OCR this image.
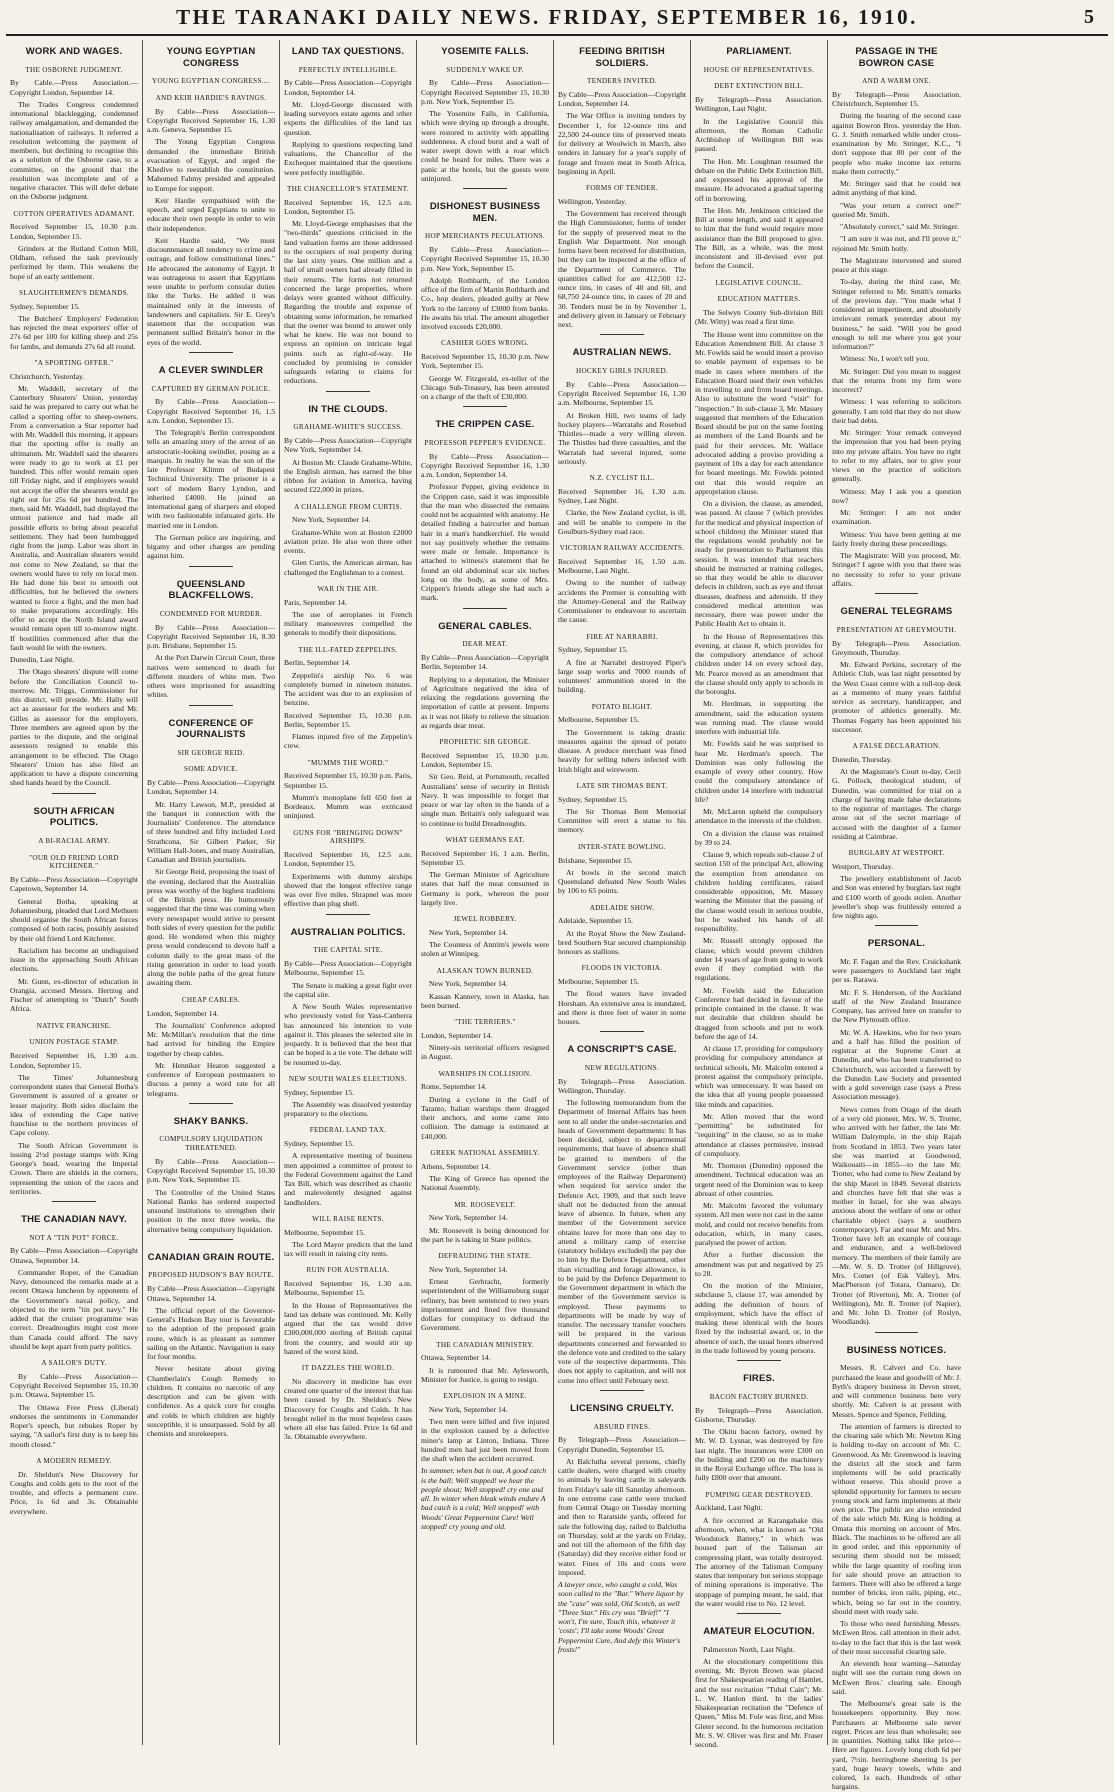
THE TARANAKI DAILY NEWS. FRIDAY, SEPTEMBER 16, 1910.	5
WORK AND WAGES.
THE OSBORNE JUDGMENT.

By Cable.—Press Association.—Copyright London, September 14.

The Trades Congress condemned international blacklegging, condemned railway amalgamation, and demanded the nationalisation of railways. It referred a resolution welcoming the payment of members, but declining to recognise this as a solution of the Osborne case, to a committee, on the ground that the resolution was incomplete and of a negative character. This will defer debate on the Osborne judgment.

COTTON OPERATIVES ADAMANT.

Received September 15, 10.30 p.m. London, September 15.

Grinders at the Rutland Cotton Mill, Oldham, refused the task previously performed by them. This weakens the hope of an early settlement.

SLAUGHTERMEN'S DEMANDS.

Sydney, September 15.

The Butchers' Employers' Federation has rejected the meat exporters' offer of 27s 6d per 100 for killing sheep and 25s for lambs, and demands 27s 6d all round.

"A SPORTING OFFER."

Christchurch, Yesterday.

Mr. Waddell, secretary of the Canterbury Shearers' Union, yesterday said he was prepared to carry out what he called a sporting offer to sheep-owners. From a conversation a Star reporter had with Mr. Waddell this morning, it appears that the sporting offer is really an ultimatum. Mr. Waddell said the shearers were ready to go to work at £1 per hundred. This offer would remain open till Friday night, and if employers would not accept the offer the shearers would go right out for 25s 6d per hundred. The men, said Mr. Waddell, had displayed the utmost patience and had made all possible efforts to bring about peaceful settlement. They had been humbugged right from the jump. Labor was short in Australia, and Australian shearers would not come to New Zealand, so that the owners would have to rely on local men. He had done his best to smooth out difficulties, but he believed the owners wanted to force a fight, and the men had to make preparations accordingly. His offer to accept the North Island award would remain open till to-morrow night. If hostilities commenced after that the fault would lie with the owners.

Dunedin, Last Night.

The Otago shearers' dispute will come before the Conciliation Council to-morrow. Mr. Triggs, Commissioner for this district, will preside. Mr. Hally will act as assessor for the workers and Mr. Gilles as assessor for the employers. Three members are agreed upon by the parties to the dispute, and the original assessors resigned to enable this arrangement to be effected. The Otago Shearers' Union has also filed an application to have a dispute concerning shed hands heard by the Council.

SOUTH AFRICAN POLITICS.
A BI-RACIAL ARMY.
"OUR OLD FRIEND LORD KITCHENER."

By Cable—Press Association—Copyright Capetown, September 14.

General Botha, speaking at Johannesburg, pleaded that Lord Methuen should organise the South African forces composed of both races, possibly assisted by their old friend Lord Kitchener.

Racialism has become an undisguised issue in the approaching South African elections.

Mr. Gunn, ex-director of education in Orangia, accused Messrs. Hertzog and Fischer of attempting to "Dutch" South Africa.

NATIVE FRANCHISE.
UNION POSTAGE STAMP.

Received September 16, 1.30 a.m. London, September 15.

The Times' Johannesburg correspondent states that General Botha's Government is assured of a greater or lesser majority. Both sides disclaim the idea of extending the Cape native franchise to the northern provinces of Cape colony.

The South African Government is issuing 2½d postage stamps with King George's head, wearing the Imperial Crown. There are shields in the corners, representing the union of the races and territories.

THE CANADIAN NAVY.
NOT A "TIN POT" FORCE.

By Cable—Press Association—Copyright Ottawa, September 14.

Commander Roper, of the Canadian Navy, denounced the remarks made at a recent Ottawa luncheon by opponents of the Government's naval policy, and objected to the term "tin pot navy." He added that the cruiser programme was correct. Dreadnoughts might cost more than Canada could afford. The navy should be kept apart from party politics.

A SAILOR'S DUTY.

By Cable—Press Association—Copyright Received September 15, 10.30 p.m. Ottawa, September 15.

The Ottawa Free Press (Liberal) endorses the sentiments in Commander Roper's speech, but rebukes Roper by saying, "A sailor's first duty is to keep his mouth closed."

A MODERN REMEDY.

Dr. Sheldon's New Discovery for Coughs and colds gets to the root of the trouble, and effects a permanent cure. Price, 1s 6d and 3s. Obtainable everywhere.

YOUNG EGYPTIAN CONGRESS
YOUNG EGYPTIAN CONGRESS....
AND KEIR HARDIE'S RAVINGS.

By Cable—Press Association—Copyright Received September 16, 1.30 a.m. Geneva, September 15.

The Young Egyptian Congress demanded the immediate British evacuation of Egypt, and urged the Khedive to reestablish the constitution. Mahomed Fahmy presided and appealed to Europe for support.

Keir Hardie sympathised with the speech, and urged Egyptians to unite to educate their own people in order to win their independence.

Keir Hardie said, "We must discountenance all tendency to crime and outrage, and follow constitutional lines." He advocated the autonomy of Egypt. It was outrageous to assert that Egyptians were unable to perform consular duties like the Turks. He added it was maintained only in the interests of landowners and capitalists. Sir E. Grey's statement that the occupation was permanent sullied Britain's honor in the eyes of the world.

A CLEVER SWINDLER
CAPTURED BY GERMAN POLICE.

By Cable—Press Association—Copyright Received September 16, 1.5 a.m. London, September 15.

The Telegraph's Berlin correspondent tells an amazing story of the arrest of an aristocratic-looking swindler, posing as a marquis. In reality he was the son of the late Professor Klimm of Budapest Technical University. The prisoner is a sort of modern Barry Lyndon, and inherited £4000. He joined an international gang of sharpers and eloped with two fashionable infatuated girls. He married one in London.

The German police are inquiring, and bigamy and other charges are pending against him.

QUEENSLAND BLACKFELLOWS.
CONDEMNED FOR MURDER.

By Cable—Press Association—Copyright Received September 16, 8.30 p.m. Brisbane, September 15.

At the Port Darwin Circuit Court, three natives were sentenced to death for different murders of white men. Two others were imprisoned for assaulting whites.

CONFERENCE OF JOURNALISTS
SIR GEORGE REID.
SOME ADVICE.

By Cable—Press Association—Copyright London, September 14.

Mr. Harry Lawson, M.P., presided at the banquet in connection with the Journalists' Conference. The attendance of three hundred and fifty included Lord Strathcona, Sir Gilbert Parker, Sir William Hall-Jones, and many Australian, Canadian and British journalists.

Sir George Reid, proposing the toast of the evening, declared that the Australian press was worthy of the highest traditions of the British press. He humorously suggested that the time was coming when every newspaper would strive to present both sides of every question for the public good. He wondered when this mighty press would condescend to devote half a column daily to the great mass of the rising generation in order to lead youth along the noble paths of the great future awaiting them.

CHEAP CABLES.

London, September 14.

The Journalists' Conference adopted Mr. McMillan's resolution that the time had arrived for binding the Empire together by cheap cables.

Mr. Henniker Heaton suggested a conference of European postmasters to discuss a penny a word rate for all telegrams.

SHAKY BANKS.
COMPULSORY LIQUIDATION THREATENED.

By Cable—Press Association—Copyright Received September 15, 10.30 p.m. New York, September 15.

The Controller of the United States National Banks has ordered suspected unsound institutions to strengthen their position in the next three weeks, the alternative being compulsory liquidation.

CANADIAN GRAIN ROUTE.
PROPOSED HUDSON'S BAY ROUTE.

By Cable—Press Association—Copyright Ottawa, September 14.

The official report of the Governor-General's Hudson Bay tour is favourable to the adoption of the proposed grain route, which is as pleasant as summer sailing on the Atlantic. Navigation is easy for four months.

Never hesitate about giving Chamberlain's Cough Remedy to children. It contains no narcotic of any description and can be given with confidence. As a quick cure for coughs and colds to which children are highly susceptible, it is unsurpassed. Sold by all chemists and storekeepers.

LAND TAX QUESTIONS.
PERFECTLY INTELLIGIBLE.

By Cable—Press Association—Copyright London, September 14.

Mr. Lloyd-George discussed with leading surveyors estate agents and other experts the difficulties of the land tax question.

Replying to questions respecting land valuations, the Chancellor of the Exchequer maintained that the questions were perfectly intelligible.

THE CHANCELLOR'S STATEMENT.

Received September 16, 12.5 a.m. London, September 15.

Mr. Lloyd-George emphasises that the "two-thirds" questions criticised in the land valuation forms are those addressed to the occupiers of real property during the last sixty years. One million and a half of small owners had already filled in their returns. The forms not returned concerned the large properties, where delays were granted without difficulty. Regarding the trouble and expense of obtaining some information, he remarked that the owner was bound to answer only what he knew. He was not bound to express an opinion on intricate legal points such as right-of-way. He concluded by promising to consider safeguards relating to claims for reductions.

IN THE CLOUDS.
GRAHAME-WHITE'S SUCCESS.

By Cable—Press Association—Copyright New York, September 14.

At Boston Mr. Claude Grahame-White, the English airman, has earned the blue ribbon for aviation in America, having secured £22,000 in prizes.

A CHALLENGE FROM CURTIS.

New York, September 14.

Grahame-White won at Boston £2000 aviation prize. He also won three other events.

Glen Curtis, the American airman, has challenged the Englishman to a contest.

WAR IN THE AIR.

Paris, September 14.

The use of aeroplanes in French military manoeuvres compelled the generals to modify their dispositions.

THE ILL-FATED ZEPPELINS.

Berlin, September 14.

Zeppelin's airship No. 6 was completely burned in nineteen minutes. The accident was due to an explosion of benzine.

Received September 15, 10.30 p.m. Berlin, September 15.

Flames injured five of the Zeppelin's crew.

"MUMMS THE WORD."

Received September 15, 10.30 p.m. Paris, September 15.

Mumm's monoplane fell 650 feet at Bordeaux. Mumm was extricated uninjured.

GUNS FOR "BRINGING DOWN" AIRSHIPS.

Received September 16, 12.5 a.m. London, September 15.

Experiments with dummy airships showed that the longest effective range was over five miles. Shrapnel was more effective than plug shell.

AUSTRALIAN POLITICS.
THE CAPITAL SITE.

By Cable—Press Association—Copyright Melbourne, September 15.

The Senate is making a great fight over the capital site.

A New South Wales representative who previously voted for Yass-Canberra has announced his intention to vote against it. This pleases the selected site in jeopardy. It is believed that the best that can be hoped is a tie vote. The debate will be resumed to-day.

NEW SOUTH WALES ELECTIONS.

Sydney, September 15.

The Assembly was dissolved yesterday preparatory to the elections.

FEDERAL LAND TAX.

Sydney, September 15.

A representative meeting of business men appointed a committee of protest to the Federal Government against the Land Tax Bill, which was described as chaotic and malevolently designed against landholders.

WILL RAISE RENTS.

Melbourne, September 15.

The Lord Mayor predicts that the land tax will result in raising city rents.

RUIN FOR AUSTRALIA.

Received September 16, 1.30 a.m. Melbourne, September 15.

In the House of Representatives the land tax debate was continued. Mr. Kelly argued that the tax would drive £300,000,000 sterling of British capital from the country, and would stir up hatred of the worst kind.

IT DAZZLES THE WORLD.

No discovery in medicine has ever created one quarter of the interest that has been caused by Dr. Sheldon's New Discovery for Coughs and Colds. It has brought relief in the most hopeless cases where all else has failed. Price 1s 6d and 3s. Obtainable everywhere.

YOSEMITE FALLS.
SUDDENLY WAKE UP.

By Cable—Press Association—Copyright Received September 15, 10.30 p.m. New York, September 15.

The Yosemite Falls, in California, which were drying up through a drought, were restored to activity with appalling suddenness. A cloud burst and a wall of water swept down with a roar which could be heard for miles. There was a panic at the hotels, but the guests were uninjured.

DISHONEST BUSINESS MEN.
HOP MERCHANTS PECULATIONS.

By Cable—Press Association—Copyright Received September 15, 10.30 p.m. New York, September 15.

Adolph Rothbarth, of the London office of the firm of Martin Rothbarth and Co., hop dealers, pleaded guilty at New York to the larceny of £3000 from banks. He awaits his trial. The amount altogether involved exceeds £20,000.

CASHIER GOES WRONG.

Received September 15, 10.30 p.m. New York, September 15.

George W. Fitzgerald, ex-teller of the Chicago Sub-Treasury, has been arrested on a charge of the theft of £30,000.

THE CRIPPEN CASE.
PROFESSOR PEPPER'S EVIDENCE.

By Cable—Press Association—Copyright Received September 16, 1.30 a.m. London, September 14.

Professor Pepper, giving evidence in the Crippen case, said it was impossible that the man who dissected the remains could not be acquainted with anatomy. He detailed finding a haircurler and human hair in a man's handkerchief. He would not say positively whether the remains were male or female. Importance is attached to witness's statement that he found an old abdominal scar six inches long on the body, as some of Mrs. Crippen's friends allege she had such a mark.

GENERAL CABLES.
DEAR MEAT.

By Cable—Press Association—Copyright Berlin, September 14.

Replying to a deputation, the Minister of Agriculture negatived the idea of relaxing the regulations governing the importation of cattle at present. Imports as it was not likely to relieve the situation as regards dear meat.

PROPHETIC SIR GEORGE.

Received September 15, 10.30 p.m. London, September 15.

Sir Geo. Reid, at Portsmouth, recalled Australians' sense of security in British Navy. It was impossible to forget that peace or war lay often in the hands of a single man. Britain's only safeguard was to continue to build Dreadnoughts.

WHAT GERMANS EAT.

Received September 16, 1 a.m. Berlin, September 15.

The German Minister of Agriculture states that half the meat consumed in Germany is pork, whereon the poor largely live.

JEWEL ROBBERY.

New York, September 14.

The Countess of Antrim's jewels were stolen at Winnipeg.

ALASKAN TOWN BURNED.

New York, September 14.

Kassan Kannery, town in Alaska, has been burned.

"THE TERRIERS."

London, September 14.

Ninety-six territorial officers resigned in August.

WARSHIPS IN COLLISION.

Rome, September 14.

During a cyclone in the Gulf of Taranto, Italian warships there dragged their anchors, and some came into collision. The damage is estimated at £40,000.

GREEK NATIONAL ASSEMBLY.

Athens, September 14.

The King of Greece has opened the National Assembly.

MR. ROOSEVELT.

New York, September 14.

Mr. Roosevelt is being denounced for the part he is taking in State politics.

DEFRAUDING THE STATE.

New York, September 14.

Ernest Gerbracht, formerly superintendent of the Williamsburg sugar refinery, has been sentenced to two years imprisonment and fined five thousand dollars for conspiracy to defraud the Government.

THE CANADIAN MINISTRY.

Ottawa, September 14.

It is rumoured that Mr. Aylesworth, Minister for Justice, is going to resign.

EXPLOSION IN A MINE.

New York, September 14.

Two men were killed and five injured in the explosion caused by a defective miner's lamp at Linton, Indiana. Three hundred men had just been moved from the shaft when the accident occurred.

In summer, when bat is out, A good catch is the ball; Well stopped! we hear the people shout; Well stopped! cry one and all. In winter when bleak winds endure A bad catch is a cold; Well stopped! with Woods' Great Peppermint Cure! Well stopped! cry young and old.

FEEDING BRITISH SOLDIERS.
TENDERS INVITED.

By Cable—Press Association—Copyright London, September 14.

The War Office is inviting tenders by December 1, for 12-ounce tins and 22,500 24-ounce tins of preserved meats for delivery at Woolwich in March, also tenders in January for a year's supply of forage and frozen meat in South Africa, beginning in April.

FORMS OF TENDER.

Wellington, Yesterday.

The Government has received through the High Commissioner, forms of tender for the supply of preserved meat to the English War Department. Not enough forms have been received for distribution, but they can be inspected at the office of the Department of Commerce. The quantities called for are 412,500 12-ounce tins, in cases of 40 and 60, and 68,750 24-ounce tins, in cases of 20 and 30. Tenders must be in by November 1, and delivery given in January or February next.

AUSTRALIAN NEWS.
HOCKEY GIRLS INJURED.

By Cable—Press Association—Copyright Received September 16, 1.30 a.m. Melbourne, September 15.

At Broken Hill, two teams of lady hockey players—Warratahs and Rosebud Thistles—made a very willing eleven. The Thistles had three casualties, and the Warratah had several injured, some seriously.

N.Z. CYCLIST ILL.

Received September 16, 1.30 a.m. Sydney, Last Night.

Clarke, the New Zealand cyclist, is ill, and will be unable to compete in the Goulburn-Sydney road race.

VICTORIAN RAILWAY ACCIDENTS.

Received September 16, 1.50 a.m. Melbourne, Last Night.

Owing to the number of railway accidents the Premier is consulting with the Attorney-General and the Railway Commissioner to endeavour to ascertain the cause.

FIRE AT NARRABRI.

Sydney, September 15.

A fire at Narrabri destroyed Piper's large soap works and 7000 rounds of volunteers' ammunition stored in the building.

POTATO BLIGHT.

Melbourne, September 15.

The Government is taking drastic measures against the spread of potato disease. A produce merchant was fined heavily for selling tubers infected with Irish blight and wireworm.

LATE SIR THOMAS BENT.

Sydney, September 15.

The Sir Thomas Bent Memorial Committee will erect a statue to his memory.

INTER-STATE BOWLING.

Brisbane, September 15.

At bowls in the second match Queensland defeated New South Wales by 106 to 65 points.

ADELAIDE SHOW.

Adelaide, September 15.

At the Royal Show the New Zealand-bred Southern Star secured championship honours as stallions.

FLOODS IN VICTORIA.

Melbourne, September 15.

The flood waters have invaded Horsham. An extensive area is inundated, and there is three feet of water in some houses.

A CONSCRIPT'S CASE.
NEW REGULATIONS.

By Telegraph—Press Association. Wellington, Thursday.

The following memorandum from the Department of Internal Affairs has been sent to all under the under-secretaries and heads of Government departments: It has been decided, subject to departmental requirements, that leave of absence shall be granted to members of the Government service (other than employees of the Railway Department) when required for service under the Defence Act, 1909, and that such leave shall not be deducted from the annual leave of absence. In future, when any member of the Government service obtains leave for more than one day to attend a military camp of exercise (statutory holidays excluded) the pay due to him by the Defence Department, other than victualling and forage allowance, is to be paid by the Defence Department to the Government department in which the member of the Government service is employed. These payments to departments will be made by way of transfer. The necessary transfer vouchers will be prepared in the various departments concerned and forwarded to the defence vote and credited to the salary vote of the respective departments. This does not apply to capitation, and will not come into effect until February next.

LICENSING CRUELTY.
ABSURD FINES.

By Telegraph—Press Association—Copyright Dunedin, September 15.

At Balclutha several persons, chiefly cattle dealers, were charged with cruelty to animals by leaving cattle in saleyards from Friday's sale till Saturday afternoon. In one extreme case cattle were trucked from Central Otago on Tuesday morning and then to Raratside yards, offered for sale the following day, railed to Balclutha on Thursday, sold at the yards on Friday, and not till the afternoon of the fifth day (Saturday) did they receive either food or water. Fines of 10s and costs were imposed.

A lawyer once, who caught a cold, Was soon called to the "Bar." Where liquor by the "case" was sold, Old Scotch, as well "Three Star." His cry was "Brief!" "I won't, I'm sure, Touch this, whatever it 'costs'; I'll take some Woods' Great Peppermint Cure, And defy this Winter's frosts!"

PARLIAMENT.
HOUSE OF REPRESENTATIVES.
DEBT EXTINCTION BILL.

By Telegraph—Press Association. Wellington, Last Night.

In the Legislative Council this afternoon, the Roman Catholic Archbishop of Wellington Bill was passed.

The Hon. Mr. Loughnan resumed the debate on the Public Debt Extinction Bill, and expressed his approval of the measure. He advocated a gradual tapering off in borrowing.

The Hon. Mr. Jenkinson criticised the Bill at some length, and said it appeared to him that the fund would require more assistance than the Bill proposed to give. The Bill, as a whole, was the most inconsistent and ill-devised ever put before the Council.

LEGISLATIVE COUNCIL.
EDUCATION MATTERS.

The Selwyn County Sub-division Bill (Mr. Witty) was read a first time.

The House went into committee on the Education Amendment Bill. At clause 3 Mr. Fowlds said he would insert a proviso to enable payment of expenses to be made in cases where members of the Education Board used their own vehicles in travelling to and from board meetings. Also to substitute the word "visit" for "inspection." In sub-clause 3, Mr. Massey suggested that members of the Education Board should be put on the same footing as members of the Land Boards and be paid for their services. Mr. Wallace advocated adding a proviso providing a payment of 10s a day for each attendance for board meetings. Mr. Fowlds pointed out that this would require an appropriation clause.

On a division, the clause, as amended, was passed. At clause 7 (which provides for the medical and physical inspection of school children) the Minister stated that the regulations would probably not be ready for presentation to Parliament this session. It was intended that teachers should be instructed at training colleges, so that they would be able to discover defects in children, such as eye and throat diseases, deafness and adenoids. If they considered medical attention was necessary, there was power under the Public Health Act to obtain it.

In the House of Representatives this evening, at clause 8, which provides for the compulsory attendance of school children under 14 on every school day, Mr. Pearce moved as an amendment that the clause should only apply to schools in the boroughs.

Mr. Herdman, in supporting the amendment, said the education system was running mad. The clause would interfere with industrial life.

Mr. Fowlds said he was surprised to hear Mr. Herdman's speech. The Dominion was only following the example of every other country. How could the compulsory attendance of children under 14 interfere with industrial life?

Mr. McLaren upheld the compulsory attendance in the interests of the children.

On a division the clause was retained by 39 to 24.

Clause 9, which repeals sub-clause 2 of section 150 of the principal Act, allowing the exemption from attendance on children holding certificates, raised considerable opposition, Mr. Massey warning the Minister that the passing of the clause would result in serious trouble, but he washed his hands of all responsibility.

Mr. Russell strongly opposed the clause, which would prevent children under 14 years of age from going to work even if they complied with the regulations.

Mr. Fowlds said the Education Conference had decided in favour of the principle contained in the clause. It was not desirable that children should be dragged from schools and put to work before the age of 14.

At clause 17, providing for compulsory providing for compulsory attendance at technical schools, Mr. Malcolm entered a protest against the compulsory principle, which was unnecessary. It was based on the idea that all young people possessed like minds and capacities.

Mr. Allen moved that the word "permitting" be substituted for "requiring" in the clause, so as to make attendance at classes permissive, instead of compulsory.

Mr. Thomson (Dunedin) opposed the amendment. Technical education was an urgent need of the Dominion was to keep abreast of other countries.

Mr. Malcolm favored the voluntary system. All men were not cast in the same mold, and could not receive benefits from education, which, in many cases, paralysed the power of action.

After a further discussion the amendment was put and negatived by 25 to 28.

On the motion of the Minister, subclause 5, clause 17, was amended by adding the definition of hours of employment, which have the effect of making these identical with the hours fixed by the industrial award, or, in the absence of such, the usual hours observed in the trade followed by young persons.

FIRES.
BACON FACTORY BURNED.

By Telegraph—Press Association. Gisborne, Thursday.

The Okitu bacon factory, owned by Mr. W. D. Lysnar, was destroyed by fire last night. The insurances were £300 on the building and £200 on the machinery in the Royal Exchange office. The loss is fully £800 over that amount.

PUMPING GEAR DESTROYED.

Auckland, Last Night.

A fire occurred at Karangahake this afternoon, when, what is known as "Old Woodstock Battery," in which was housed part of the Talisman air compressing plant, was totally destroyed. The attorney of the Talisman Company states that temporary but serious stoppage of mining operations is imperative. The stoppage of pumping meant, he said, that the water would rise to No. 12 level.

AMATEUR ELOCUTION.

Palmerston North, Last Night.

At the elocutionary competitions this evening, Mr. Byron Brown was placed first for Shakespearian reading of Hamlet, and the test recitation "Tubal Cain"; Mr. L. W. Hanlon third. In the ladies' Shakespearian recitation the "Defence of Queen," Miss M. Fole was first, and Miss Gleter second. In the humorous recitation Mr. S. W. Oliver was first and Mr. Fraser second.

PASSAGE IN THE BOWRON CASE
AND A WARM ONE.

By Telegraph—Press Association. Christchurch, September 15.

During the hearing of the second case against Bowron Bros. yesterday the Hon. G. J. Smith remarked while under cross-examination by Mr. Stringer, K.C., "I don't suppose that 80 per cent of the people who make income tax returns make them correctly."

Mr. Stringer said that he could not admit anything of that kind.

"Was your return a correct one?" queried Mr. Smith.

"Absolutely correct," said Mr. Stringer.

"I am sure it was not, and I'll prove it," rejoined Mr. Smith hotly.

The Magistrate intervened and stored peace at this stage.

To-day, during the third case, Mr. Stringer referred to Mr. Smith's remarks of the previous day. "You made what I considered an impertinent, and absolutely irrelevant remark yesterday about my business," he said. "Will you be good enough to tell me where you got your information?"

Witness: No, I won't tell you.

Mr. Stringer: Did you mean to suggest that the returns from my firm were incorrect?

Witness: I was referring to solicitors generally. I am told that they do not show their bad debts.

Mr. Stringer: Your remark conveyed the impression that you had been prying into my private affairs. You have no right to refer to my affairs, nor to give your views on the practice of solicitors generally.

Witness: May I ask you a question now?

Mr. Stringer: I am not under examination.

Witness: You have been getting at me fairly freely during these proceedings.

The Magistrate: Will you proceed, Mr. Stringer? I agree with you that there was no necessity to refer to your private affairs.

GENERAL TELEGRAMS
PRESENTATION AT GREYMOUTH.

By Telegraph—Press Association. Greymouth, Thursday.

Mr. Edward Perkins, secretary of the Athletic Club, was last night presented by the West Coast centre with a roll-top desk as a memento of many years faithful service as secretary, handicapper, and promoter of athletics generally. Mr. Thomas Fogarty has been appointed his successor.

A FALSE DECLARATION.

Dunedin, Thursday.

At the Magistrate's Court to-day, Cecil G. Pollock, theological student, of Dunedin, was committed for trial on a charge of having made false declarations to the registrar of marriages. The charge arose out of the secret marriage of accused with the daughter of a farmer residing at Cairnbrae.

BURGLARY AT WESTPORT.

Westport, Thursday.

The jewellery establishment of Jacob and Son was entered by burglars last night and £100 worth of goods stolen. Another jeweller's shop was fruitlessly entered a few nights ago.

PERSONAL.

Mr. F. Fagan and the Rev. Cruickshank were passengers to Auckland last night per ss. Rarawa.

Mr. F. S. Henderson, of the Auckland staff of the New Zealand Insurance Company, has arrived here on transfer to the New Plymouth office.

Mr. W. A. Hawkins, who for two years and a half has filled the position of registrar at the Supreme Court at Dunedin, and who has been transferred to Christchurch, was accorded a farewell by the Dunedin Law Society and presented with a gold sovereign case (says a Press Association message).

News comes from Otago of the death of a very old pioneer, Mrs. W. S. Trotter, who arrived with her father, the late Mr. William Dalrymple, in the ship Rajah from Scotland in 1853. Two years later she was married at Goodwood, Waikouaiti—in 1855—to the late Mr. Trotter, who had come to New Zealand by the ship Maori in 1849. Several districts and churches have felt that she was a mother in Israel, for she was always anxious about the welfare of one or other charitable object (says a southern contemporary). Far and near Mr. and Mrs. Trotter have left an example of courage and endurance, and a well-beloved memory. The members of their family are—Mr. W. S. D. Trotter (of Hillgrove), Mrs. Comer (of Esk Valley), Mrs. MacPherson (of Totara, Oamaru), Dr. Trotter (of Riverton), Mr. A. Trotter (of Wellington), Mr. R. Trotter (of Napier), and Mr. John D. Trotter (of Roslyn, Woodlands).

BUSINESS NOTICES.

Messrs. R. Calvert and Co. have purchased the lease and goodwill of Mr. J. Byth's drapery business in Devon street, and will commence business here very shortly. Mr. Calvert is at present with Messrs. Spence and Spence, Feilding.

The attention of farmers is directed to the clearing sale which Mr. Newton King is holding to-day on account of Mr. C. Greenwood. As Mr. Greenwood is leaving the district all the stock and farm implements will be sold practically without reserve. This should prove a splendid opportunity for farmers to secure young stock and farm implements at their own price. The public are also reminded of the sale which Mr. King is holding at Omata this morning on account of Mrs. Black. The machines to be offered are all in good order, and this opportunity of securing them should not be missed; while the large quantity of roofing iron for sale should prove an attraction to farmers. There will also be offered a large number of bricks, iron rails, piping, etc., which, being so far out in the country, should meet with ready sale.

To those who need furnishing Messrs. McEwen Bros. call attention in their advt. to-day to the fact that this is the last week of their most successful clearing sale.

An eleventh hour warning—Saturday night will see the curtain rung down on McEwen Bros.' clearing sale. Enough said.

The Melbourne's great sale is the housekeepers opportunity. Buy now. Purchasers at Melbourne sale never regret. Prices are less than wholesale; see in quantities. Nothing talks like price—Here are figures. Lovely long cloth 6d per yard, 7½in. herringbone sheeting 1s per yard, huge heavy towels, white and colored, 1s each. Hundreds of other bargains.
